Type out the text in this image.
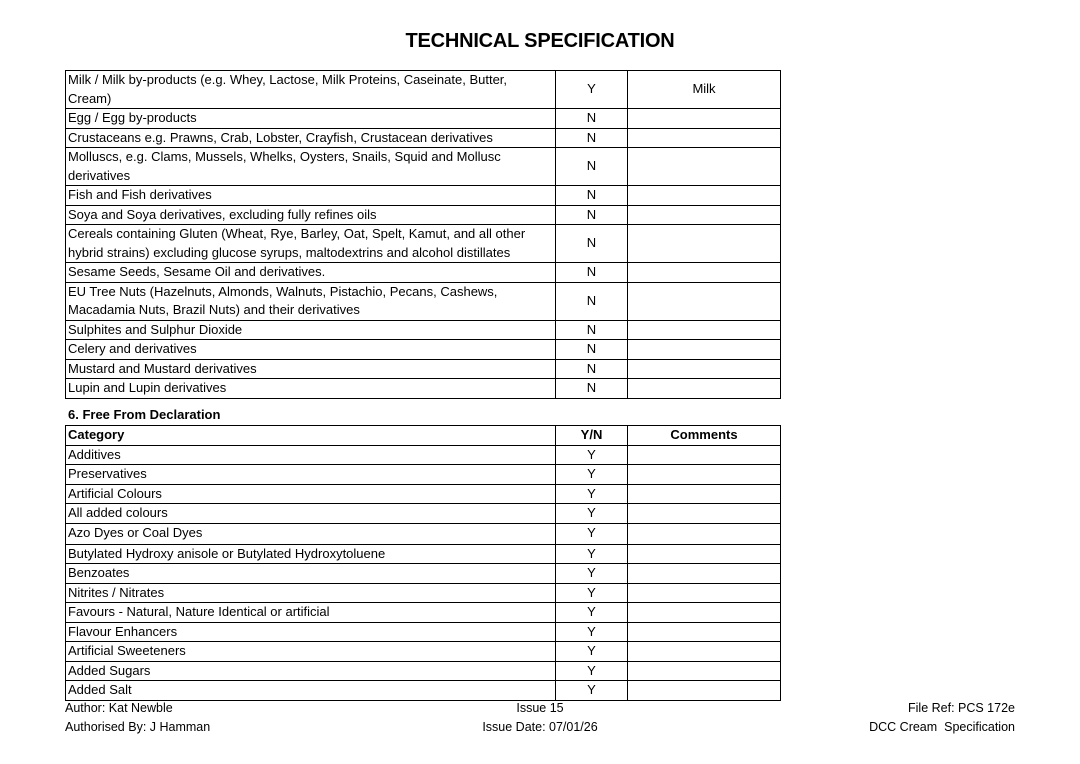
TECHNICAL SPECIFICATION
Milk / Milk by-products (e.g. Whey, Lactose, Milk Proteins, Caseinate, Butter, Cream)	Y	Milk
Egg / Egg by-products	N	
Crustaceans e.g. Prawns, Crab, Lobster, Crayfish, Crustacean derivatives	N	
Molluscs, e.g. Clams, Mussels, Whelks, Oysters, Snails, Squid and Mollusc derivatives	N	
Fish and Fish derivatives	N	
Soya and Soya derivatives, excluding fully refines oils	N	
Cereals containing Gluten (Wheat, Rye, Barley, Oat, Spelt, Kamut, and all other hybrid strains) excluding glucose syrups, maltodextrins and alcohol distillates	N	
Sesame Seeds, Sesame Oil and derivatives.	N	
EU Tree Nuts (Hazelnuts, Almonds, Walnuts, Pistachio, Pecans, Cashews, Macadamia Nuts, Brazil Nuts) and their derivatives	N	
Sulphites and Sulphur Dioxide	N	
Celery and derivatives	N	
Mustard and Mustard derivatives	N	
Lupin and Lupin derivatives	N	
6. Free From Declaration
Category	Y/N	Comments
Additives	Y	
Preservatives	Y	
Artificial Colours	Y	
All added colours	Y	
Azo Dyes or Coal Dyes	Y	
Butylated Hydroxy anisole or Butylated Hydroxytoluene	Y	
Benzoates	Y	
Nitrites / Nitrates	Y	
Favours - Natural, Nature Identical or artificial	Y	
Flavour Enhancers	Y	
Artificial Sweeteners	Y	
Added Sugars	Y	
Added Salt	Y	
Author: Kat Newble
Authorised By: J Hamman
Issue 15
Issue Date: 07/01/26
File Ref: PCS 172e
DCC Cream  Specification
